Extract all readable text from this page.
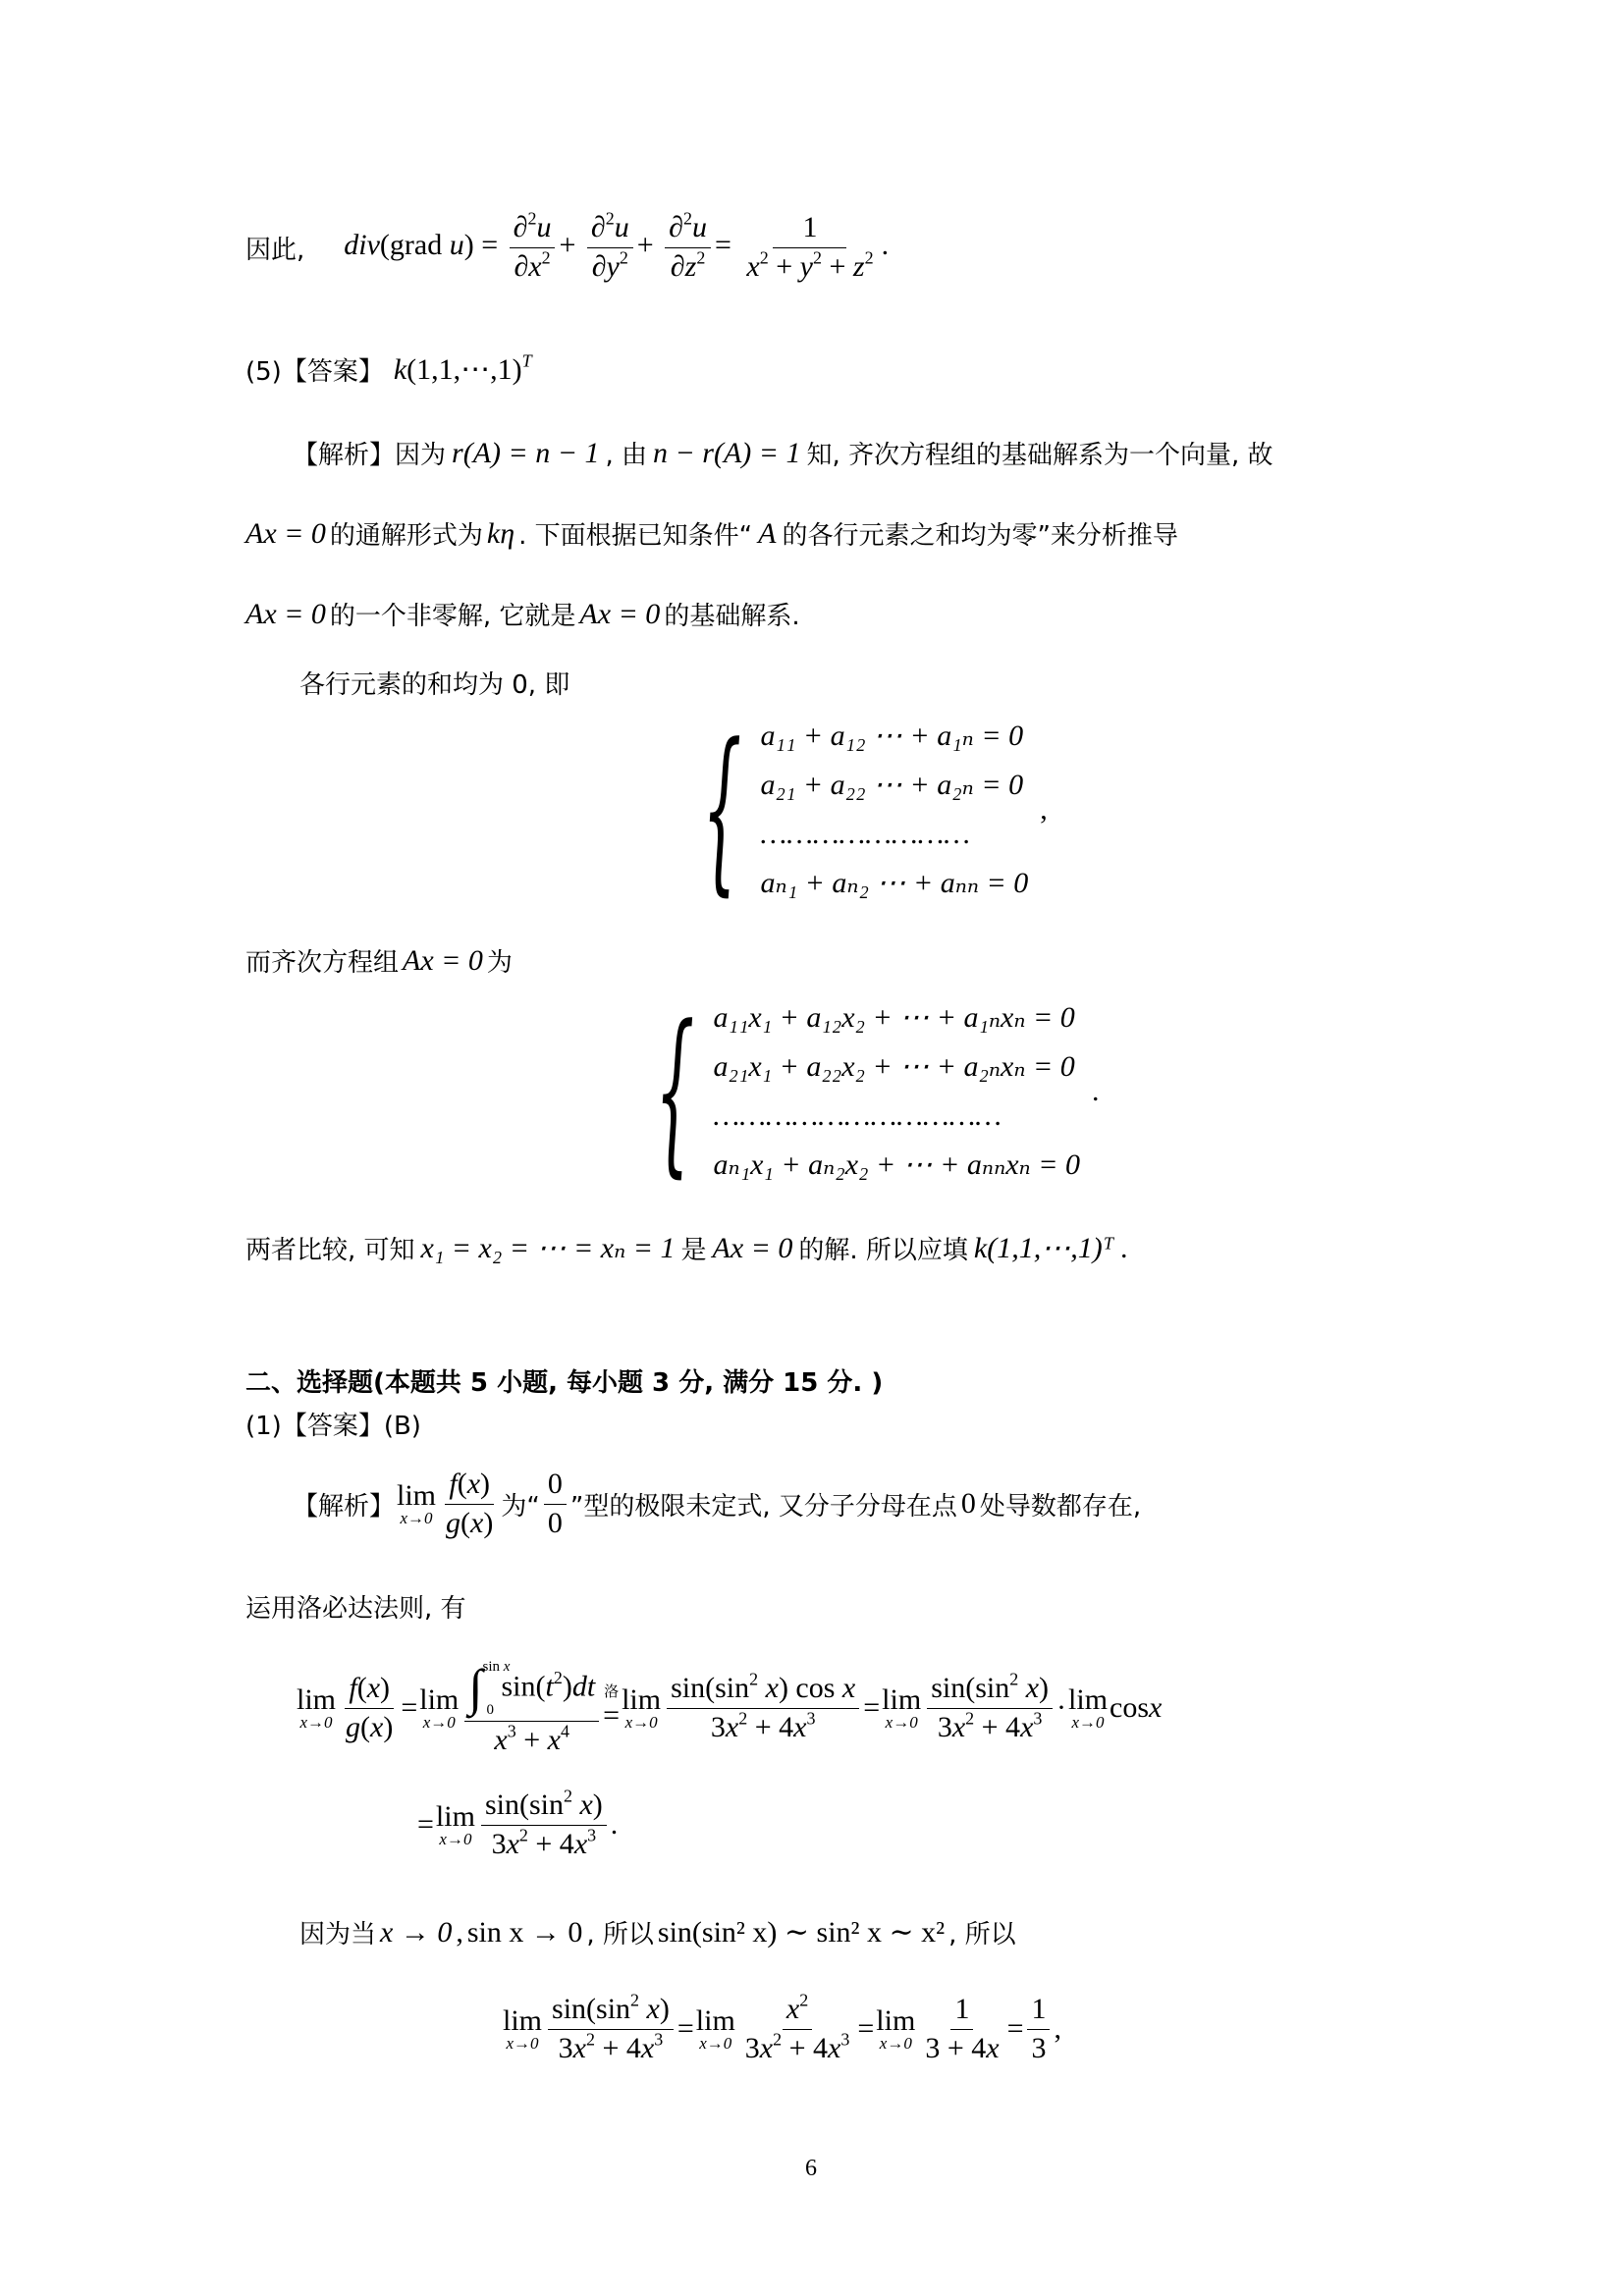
因此, div(grad $u) = \frac{\partial^2u}{\partial x^2} + \frac{\partial^2u}{\partial y^2} + \frac{\partial^2u}{\partial z^2} = \frac{1}{x^2 + y^2 + z^2}$ .
(5)【答案】 k(1,1,⋯,1)$^T$
【解析】 因为 r(A) = n − 1 , 由 n − r(A) = 1 知, 齐次方程组的基础解系为一个向量, 故
Ax = 0 的通解形式为 kη . 下面根据已知条件“ A 的各行元素之和均为零”来分析推导
Ax = 0 的一个非零解, 它就是 Ax = 0 的基础解系.
各行元素的和均为 0, 即
{ a₁₁ + a₁₂ ⋯ + a₁ₙ = 0
a₂₁ + a₂₂ ⋯ + a₂ₙ = 0
……………………
aₙ₁ + aₙ₂ ⋯ + aₙₙ = 0
,
而齐次方程组 Ax = 0 为
{ a₁₁x₁ + a₁₂x₂ + ⋯ + a₁ₙxₙ = 0
a₂₁x₁ + a₂₂x₂ + ⋯ + a₂ₙxₙ = 0
……………………………
aₙ₁x₁ + aₙ₂x₂ + ⋯ + aₙₙxₙ = 0
.
两者比较, 可知 x₁ = x₂ = ⋯ = xₙ = 1 是 Ax = 0 的解. 所以应填 k(1,1,⋯,1)ᵀ .
二、选择题(本题共 5 小题, 每小题 3 分, 满分 15 分. )
(1)【答案】(B)
【解析】 lim
$x\to 0 \frac{f(x)}{g(x)}$ 为“ $\frac{0}{0}$ ”型的极限未定式, 又分子分母在点 0 处导数都存在,
运用洛必达法则, 有
lim
$x\to 0 \frac{f(x)}{g(x)} = \lim$
$x\to 0 \frac{\int^{sin x}_0 \sin(t^2)dt}{x^3 + x^4}$ 洛
= lim
$x\to 0 \frac{\sin(\sin^2 x) \cos x}{3x^2 + 4x^3} = \lim$
$x\to 0 \frac{\sin(\sin^2 x)}{3x^2 + 4x^3} \cdot \lim$
x→0 cos x
= lim
$x\to 0 \frac{\sin(\sin^2 x)}{3x^2 + 4x^3}$ .
因为当 x → 0 , sin x → 0 , 所以 sin(sin² x) ∼ sin² x ∼ x² , 所以
lim
$x\to 0 \frac{\sin(\sin^2 x)}{3x^2 + 4x^3} = \lim$
$x\to 0 \frac{x^2}{3x^2 + 4x^3} = \lim$
$x\to 0 \frac{1}{3 + 4x} = \frac{1}{3}$ ,
6
